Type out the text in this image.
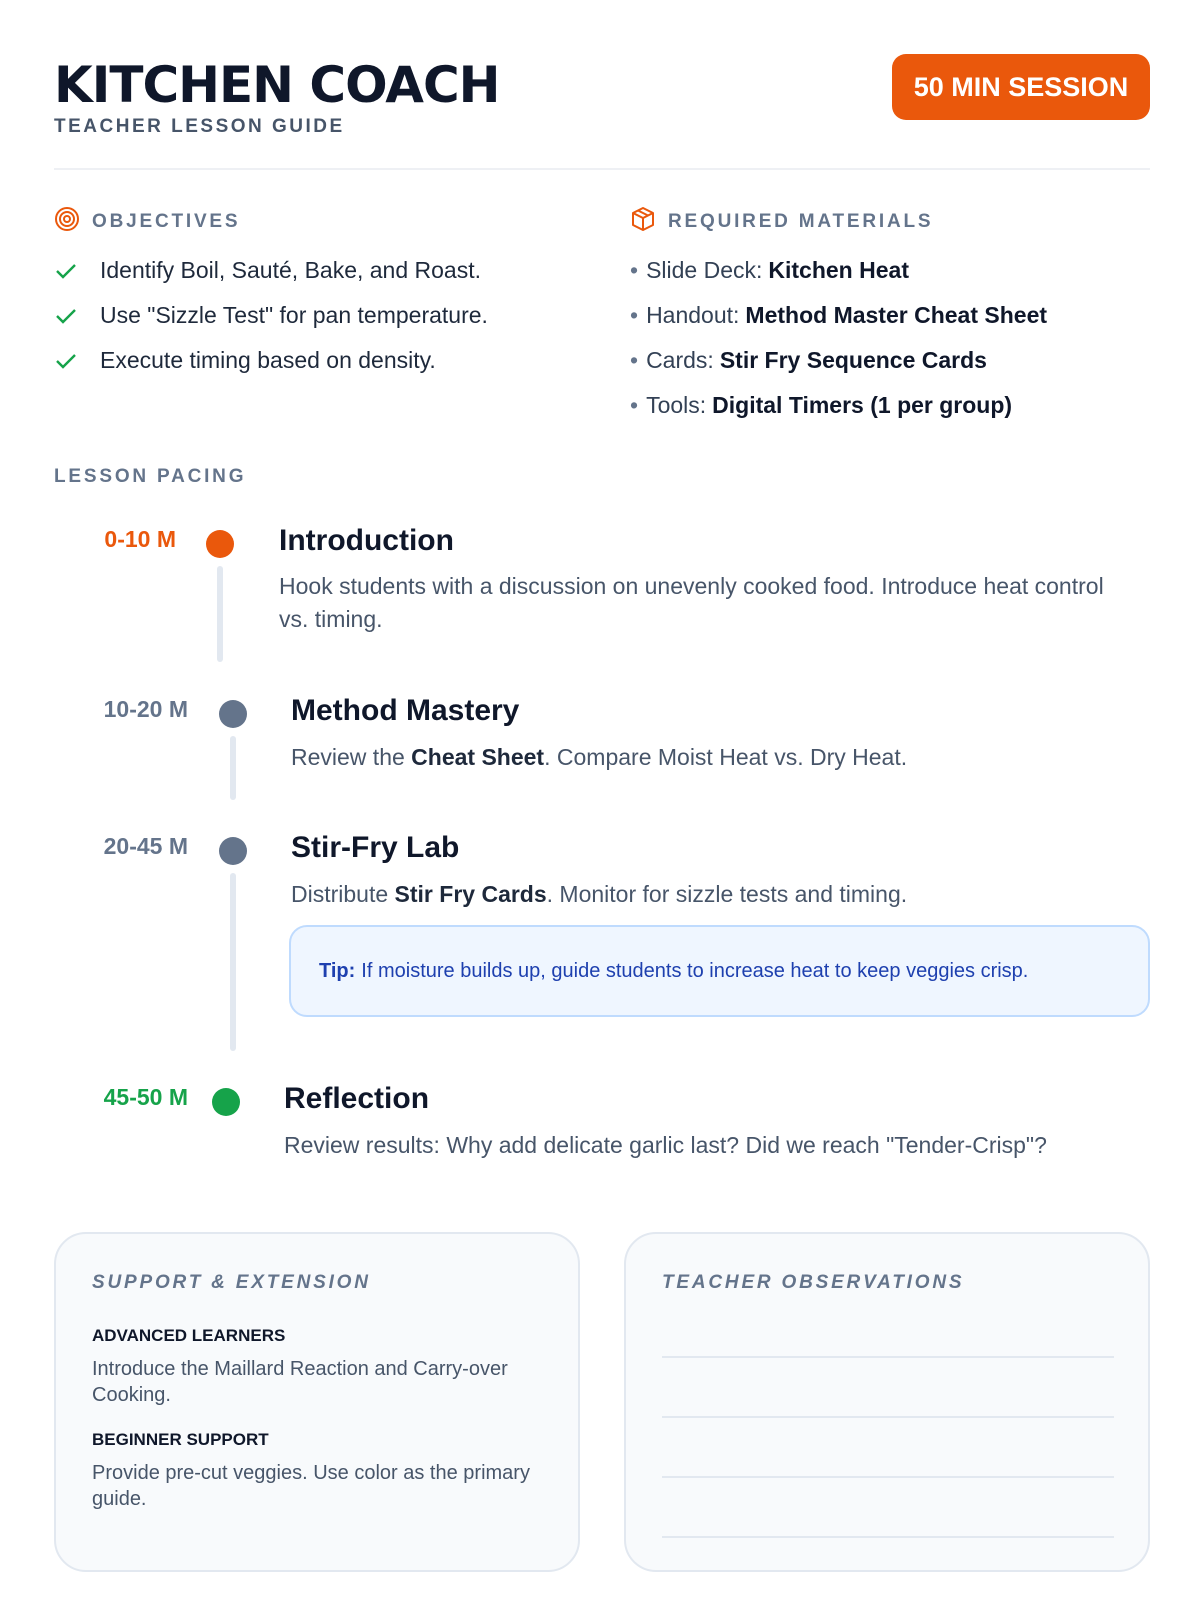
KITCHEN COACH
TEACHER LESSON GUIDE
50 MIN SESSION
OBJECTIVES
Identify Boil, Sauté, Bake, and Roast.
Use "Sizzle Test" for pan temperature.
Execute timing based on density.
REQUIRED MATERIALS
• Slide Deck: Kitchen Heat
• Handout: Method Master Cheat Sheet
• Cards: Stir Fry Sequence Cards
• Tools: Digital Timers (1 per group)
LESSON PACING
0-10 M	Introduction
Hook students with a discussion on unevenly cooked food. Introduce heat control vs. timing.
10-20 M	Method Mastery
Review the Cheat Sheet. Compare Moist Heat vs. Dry Heat.
20-45 M	Stir-Fry Lab
Distribute Stir Fry Cards. Monitor for sizzle tests and timing.
Tip: If moisture builds up, guide students to increase heat to keep veggies crisp.
45-50 M	Reflection
Review results: Why add delicate garlic last? Did we reach "Tender-Crisp"?
SUPPORT & EXTENSION
ADVANCED LEARNERS
Introduce the Maillard Reaction and Carry-over Cooking.
BEGINNER SUPPORT
Provide pre-cut veggies. Use color as the primary guide.
TEACHER OBSERVATIONS
